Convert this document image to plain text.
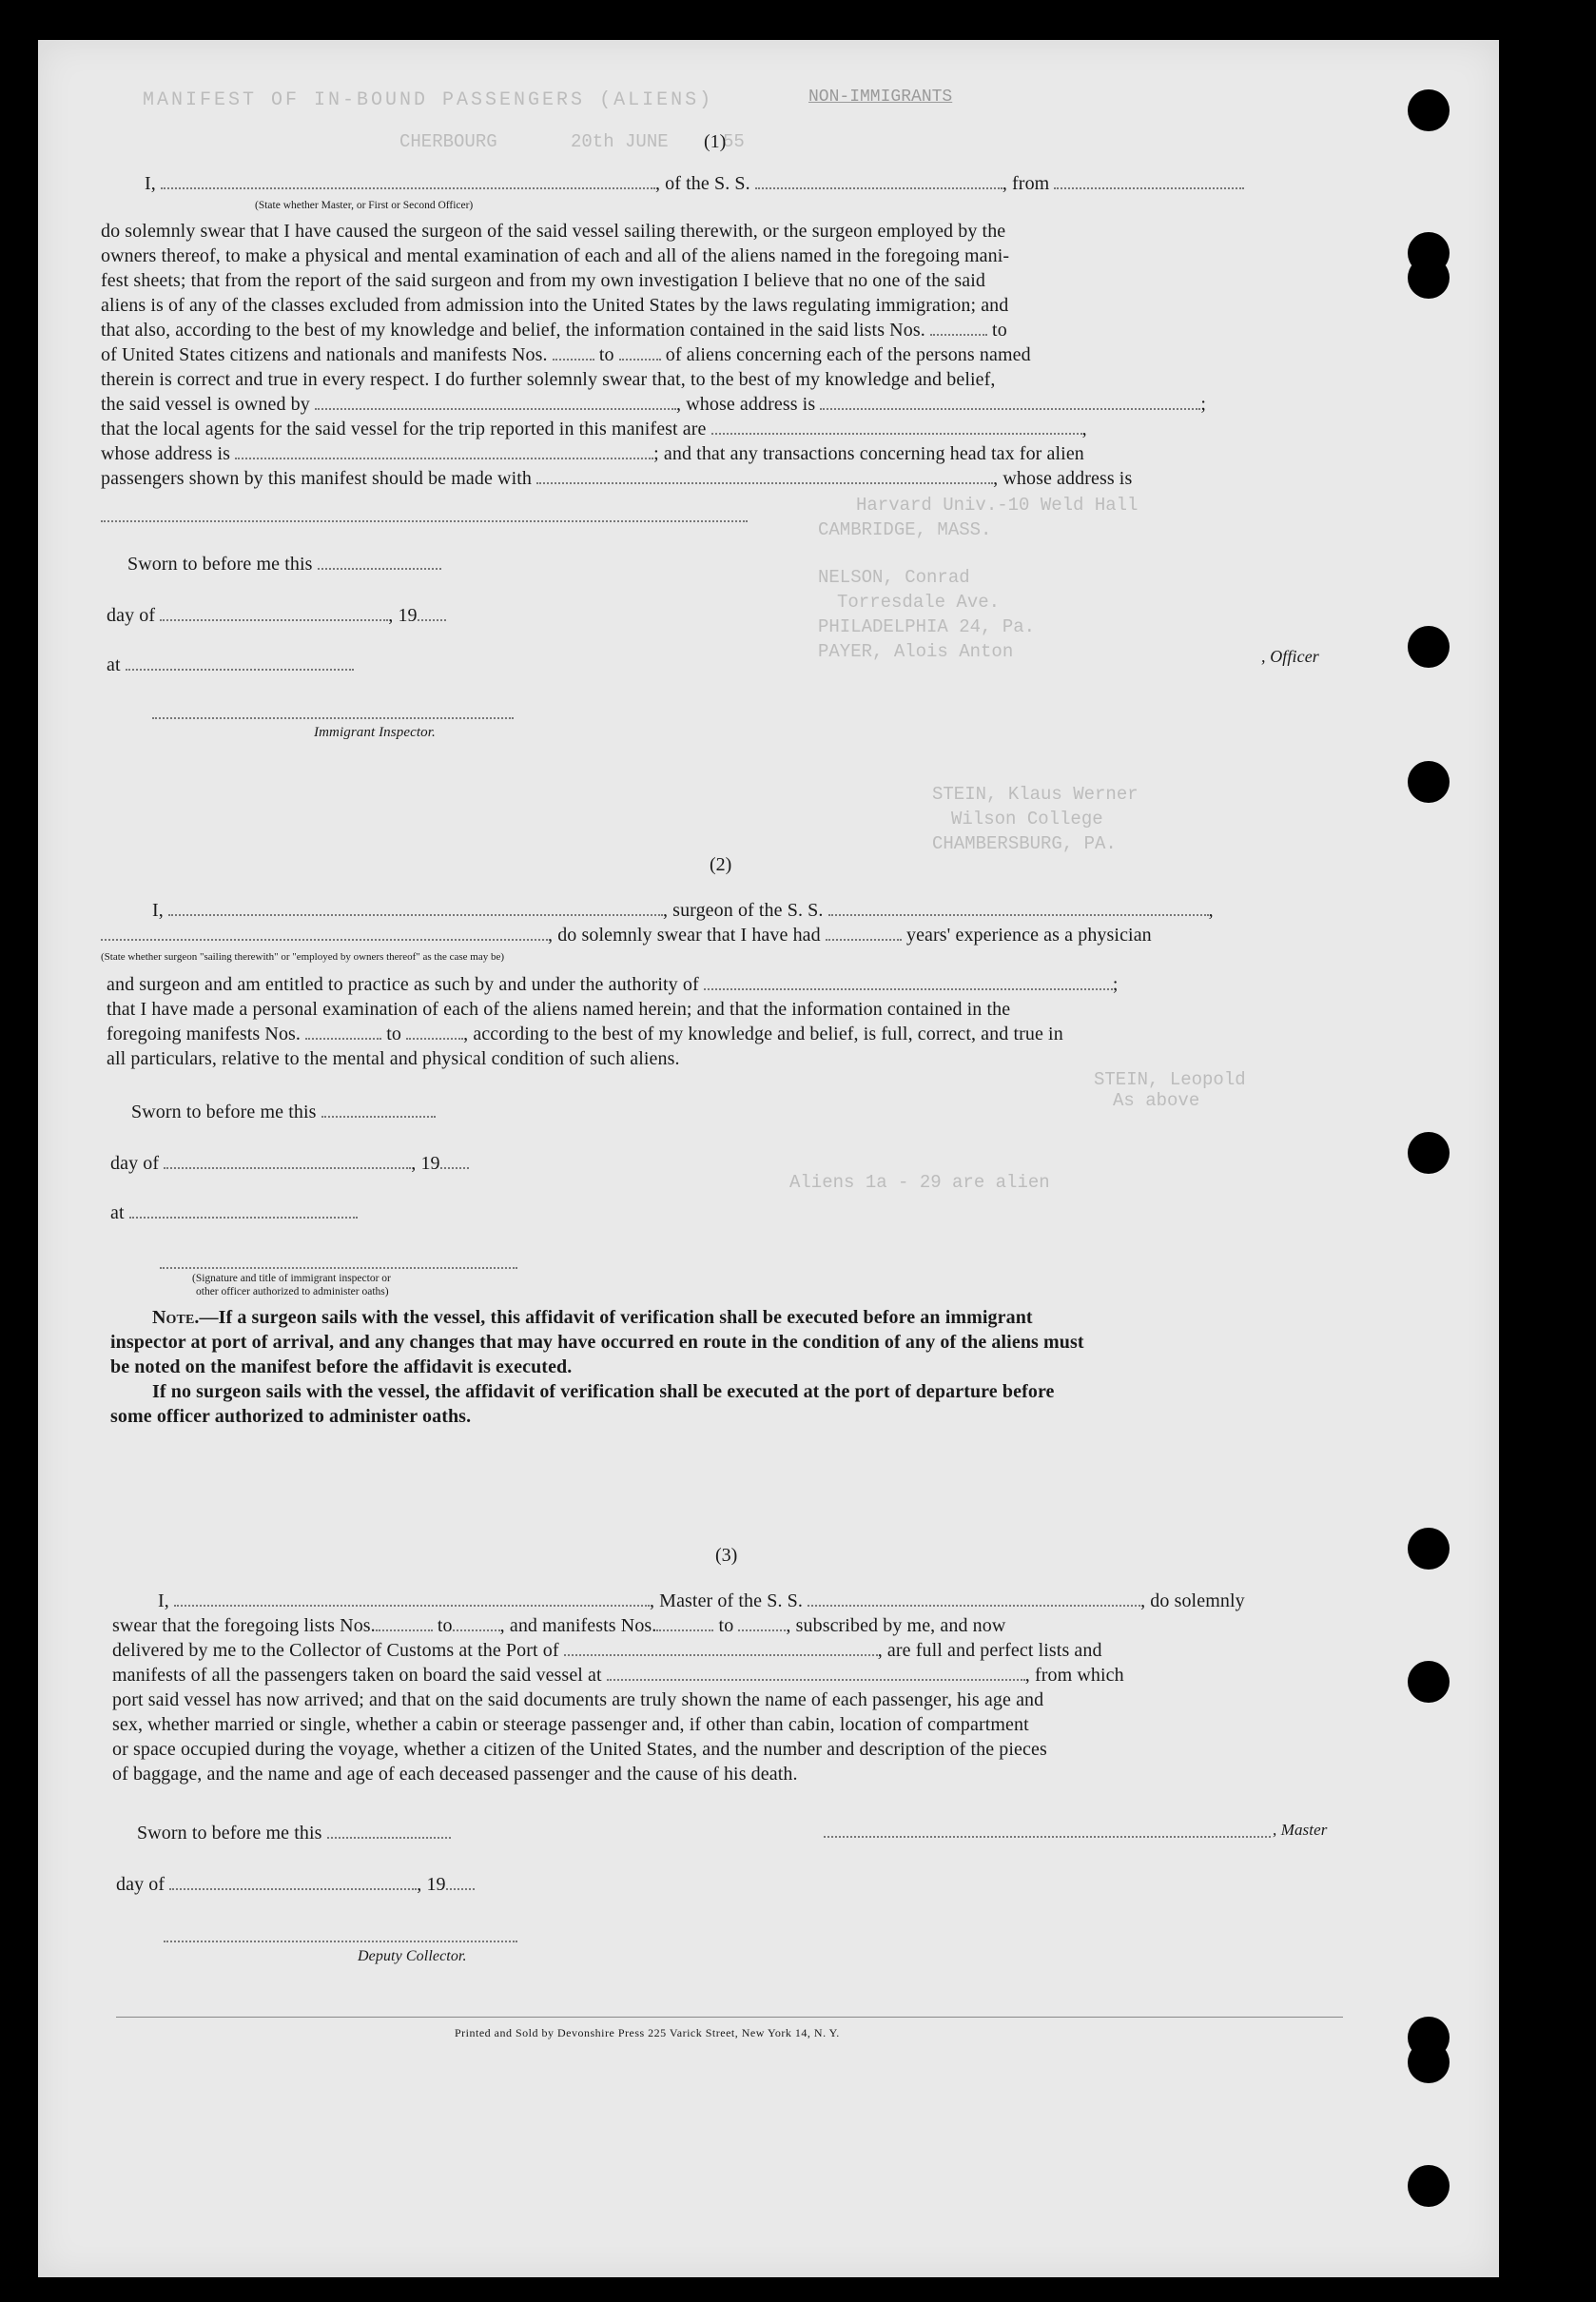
MANIFEST OF IN-BOUND PASSENGERS (ALIENS)	NON-IMMIGRANTS
CHERBOURG	20th JUNE	55
Harvard Univ.-10 Weld Hall
CAMBRIDGE, MASS.
NELSON, Conrad
Torresdale Ave.
PHILADELPHIA 24, Pa.
PAYER, Alois Anton
STEIN, Klaus Werner
Wilson College
CHAMBERSBURG, PA.
STEIN, Leopold
As above
Aliens 1a - 29 are alien
(1)
I,	, of the S. S.	, from
(State whether Master, or First or Second Officer)
do solemnly swear that I have caused the surgeon of the said vessel sailing therewith, or the surgeon employed by the
owners thereof, to make a physical and mental examination of each and all of the aliens named in the foregoing mani-
fest sheets; that from the report of the said surgeon and from my own investigation I believe that no one of the said
aliens is of any of the classes excluded from admission into the United States by the laws regulating immigration; and
that also, according to the best of my knowledge and belief, the information contained in the said lists Nos.	to
of United States citizens and nationals and manifests Nos.	to	of aliens concerning each of the persons named
therein is correct and true in every respect. I do further solemnly swear that, to the best of my knowledge and belief,
the said vessel is owned by	, whose address is	;
that the local agents for the said vessel for the trip reported in this manifest are	,
whose address is	; and that any transactions concerning head tax for alien
passengers shown by this manifest should be made with	, whose address is
Sworn to before me this
day of	, 19
at	, Officer
Immigrant Inspector.
(2)
I,	, surgeon of the S. S.	,
, do solemnly swear that I have had	years' experience as a physician
(State whether surgeon "sailing therewith" or "employed by owners thereof" as the case may be)
and surgeon and am entitled to practice as such by and under the authority of	;
that I have made a personal examination of each of the aliens named herein; and that the information contained in the
foregoing manifests Nos.	to	, according to the best of my knowledge and belief, is full, correct, and true in
all particulars, relative to the mental and physical condition of such aliens.
Sworn to before me this
day of	, 19
at
(Signature and title of immigrant inspector or
other officer authorized to administer oaths)
Note.—If a surgeon sails with the vessel, this affidavit of verification shall be executed before an immigrant
inspector at port of arrival, and any changes that may have occurred en route in the condition of any of the aliens must
be noted on the manifest before the affidavit is executed.
If no surgeon sails with the vessel, the affidavit of verification shall be executed at the port of departure before
some officer authorized to administer oaths.
(3)
I,	, Master of the S. S.	, do solemnly
swear that the foregoing lists Nos.	to	, and manifests Nos.	to	, subscribed by me, and now
delivered by me to the Collector of Customs at the Port of	, are full and perfect lists and
manifests of all the passengers taken on board the said vessel at	, from which
port said vessel has now arrived; and that on the said documents are truly shown the name of each passenger, his age and
sex, whether married or single, whether a cabin or steerage passenger and, if other than cabin, location of compartment
or space occupied during the voyage, whether a citizen of the United States, and the number and description of the pieces
of baggage, and the name and age of each deceased passenger and the cause of his death.
Sworn to before me this	, Master
day of	, 19
Deputy Collector.
Printed and Sold by Devonshire Press 225 Varick Street, New York 14, N. Y.
